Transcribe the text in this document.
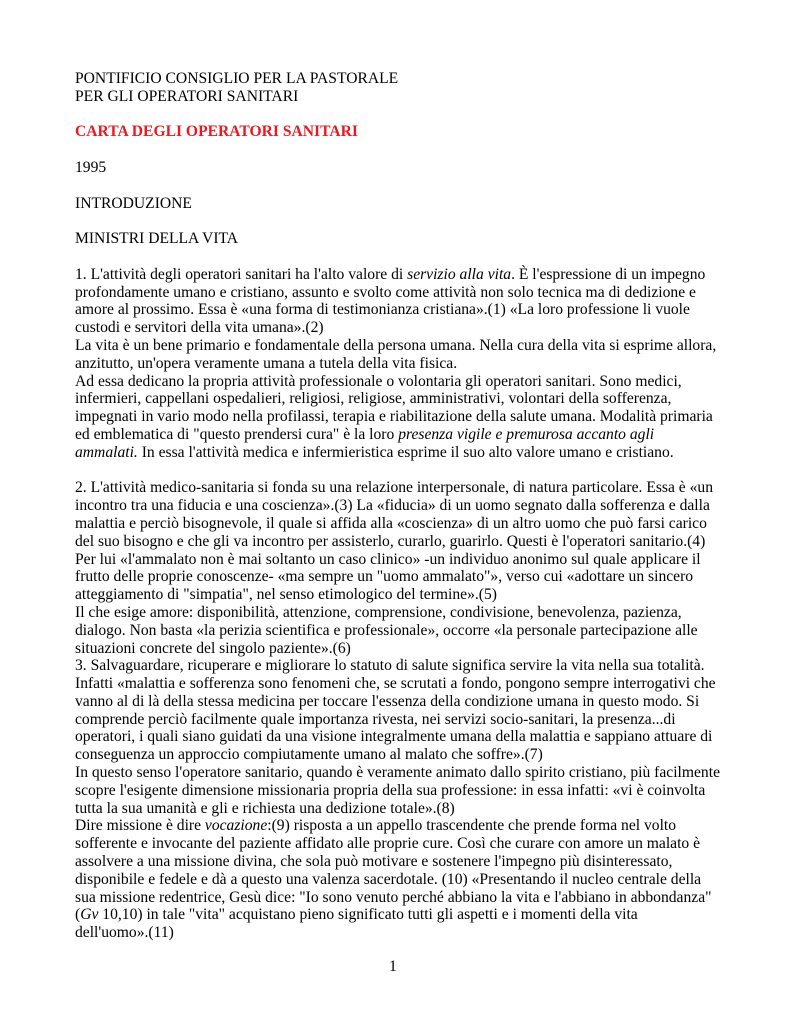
PONTIFICIO CONSIGLIO PER LA PASTORALE
PER GLI OPERATORI SANITARI
CARTA DEGLI OPERATORI SANITARI
1995
INTRODUZIONE
MINISTRI DELLA VITA
1. L'attività degli operatori sanitari ha l'alto valore di servizio alla vita. È l'espressione di un impegno
profondamente umano e cristiano, assunto e svolto come attività non solo tecnica ma di dedizione e
amore al prossimo. Essa è «una forma di testimonianza cristiana».(1) «La loro professione li vuole
custodi e servitori della vita umana».(2)
La vita è un bene primario e fondamentale della persona umana. Nella cura della vita si esprime allora,
anzitutto, un'opera veramente umana a tutela della vita fisica.
Ad essa dedicano la propria attività professionale o volontaria gli operatori sanitari. Sono medici,
infermieri, cappellani ospedalieri, religiosi, religiose, amministrativi, volontari della sofferenza,
impegnati in vario modo nella profilassi, terapia e riabilitazione della salute umana. Modalità primaria
ed emblematica di "questo prendersi cura" è la loro presenza vigile e premurosa accanto agli
ammalati. In essa l'attività medica e infermieristica esprime il suo alto valore umano e cristiano.
2. L'attività medico-sanitaria si fonda su una relazione interpersonale, di natura particolare. Essa è «un
incontro tra una fiducia e una coscienza».(3) La «fiducia» di un uomo segnato dalla sofferenza e dalla
malattia e perciò bisognevole, il quale si affida alla «coscienza» di un altro uomo che può farsi carico
del suo bisogno e che gli va incontro per assisterlo, curarlo, guarirlo. Questi è l'operatori sanitario.(4)
Per lui «l'ammalato non è mai soltanto un caso clinico» -un individuo anonimo sul quale applicare il
frutto delle proprie conoscenze- «ma sempre un "uomo ammalato"», verso cui «adottare un sincero
atteggiamento di "simpatia", nel senso etimologico del termine».(5)
Il che esige amore: disponibilità, attenzione, comprensione, condivisione, benevolenza, pazienza,
dialogo. Non basta «la perizia scientifica e professionale», occorre «la personale partecipazione alle
situazioni concrete del singolo paziente».(6)
3. Salvaguardare, ricuperare e migliorare lo statuto di salute significa servire la vita nella sua totalità.
Infatti «malattia e sofferenza sono fenomeni che, se scrutati a fondo, pongono sempre interrogativi che
vanno al di là della stessa medicina per toccare l'essenza della condizione umana in questo modo. Si
comprende perciò facilmente quale importanza rivesta, nei servizi socio-sanitari, la presenza...di
operatori, i quali siano guidati da una visione integralmente umana della malattia e sappiano attuare di
conseguenza un approccio compiutamente umano al malato che soffre».(7)
In questo senso l'operatore sanitario, quando è veramente animato dallo spirito cristiano, più facilmente
scopre l'esigente dimensione missionaria propria della sua professione: in essa infatti: «vi è coinvolta
tutta la sua umanità e gli e richiesta una dedizione totale».(8)
Dire missione è dire vocazione:(9) risposta a un appello trascendente che prende forma nel volto
sofferente e invocante del paziente affidato alle proprie cure. Così che curare con amore un malato è
assolvere a una missione divina, che sola può motivare e sostenere l'impegno più disinteressato,
disponibile e fedele e dà a questo una valenza sacerdotale. (10) «Presentando il nucleo centrale della
sua missione redentrice, Gesù dice: "Io sono venuto perché abbiano la vita e l'abbiano in abbondanza"
(Gv 10,10) in tale "vita" acquistano pieno significato tutti gli aspetti e i momenti della vita
dell'uomo».(11)
1
